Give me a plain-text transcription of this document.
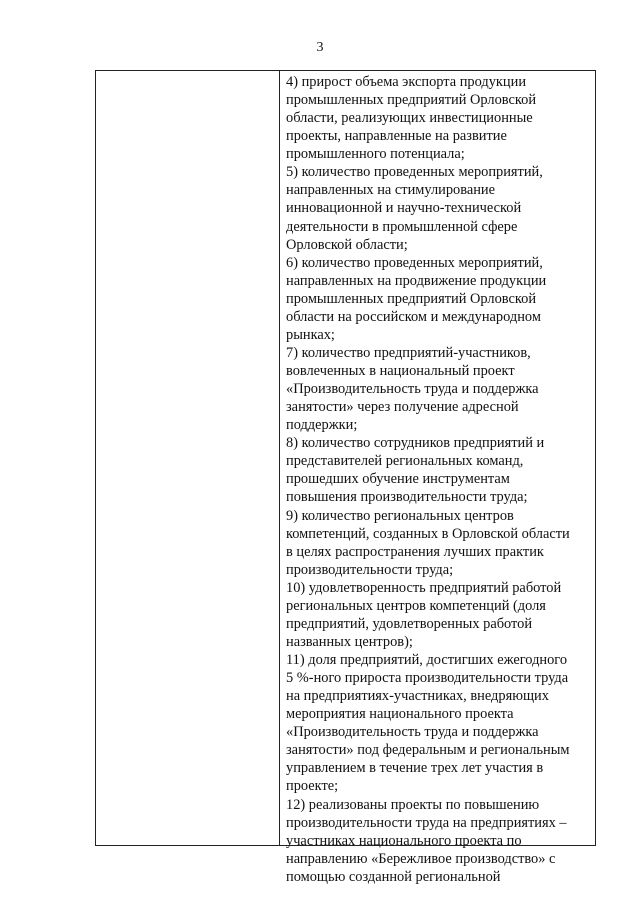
3
4) прирост объема экспорта продукции
промышленных предприятий Орловской
области, реализующих инвестиционные
проекты, направленные на развитие
промышленного потенциала;
5) количество проведенных мероприятий,
направленных на стимулирование
инновационной и научно-технической
деятельности в промышленной сфере
Орловской области;
6) количество проведенных мероприятий,
направленных на продвижение продукции
промышленных предприятий Орловской
области на российском и международном
рынках;
7) количество предприятий-участников,
вовлеченных в национальный проект
«Производительность труда и поддержка
занятости» через получение адресной
поддержки;
8) количество сотрудников предприятий и
представителей региональных команд,
прошедших обучение инструментам
повышения производительности труда;
9) количество региональных центров
компетенций, созданных в Орловской области
в целях распространения лучших практик
производительности труда;
10) удовлетворенность предприятий работой
региональных центров компетенций (доля
предприятий, удовлетворенных работой
названных центров);
11) доля предприятий, достигших ежегодного
5 %-ного прироста производительности труда
на предприятиях-участниках, внедряющих
мероприятия национального проекта
«Производительность труда и поддержка
занятости» под федеральным и региональным
управлением в течение трех лет участия в
проекте;
12) реализованы проекты по повышению
производительности труда на предприятиях –
участниках национального проекта по
направлению «Бережливое производство» с
помощью созданной региональной
